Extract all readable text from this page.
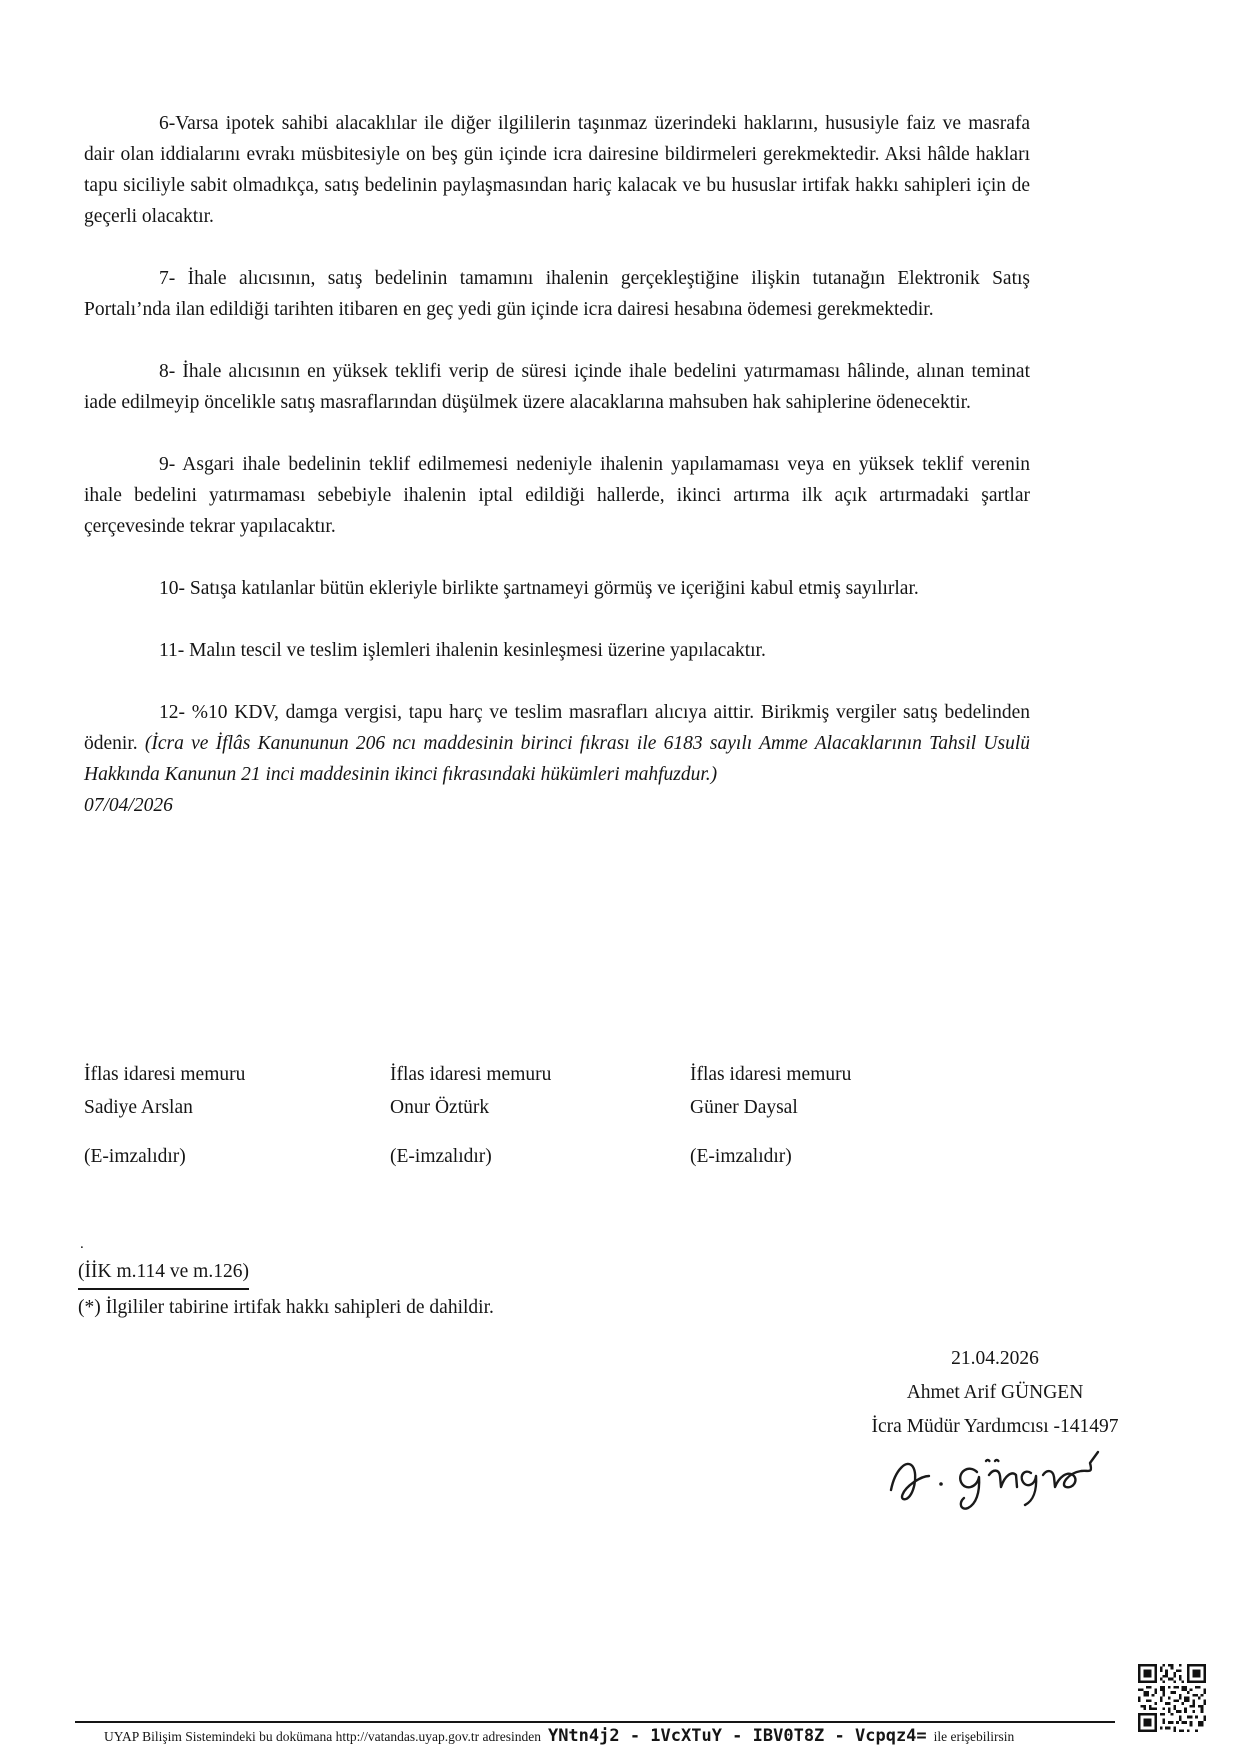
6-Varsa ipotek sahibi alacaklılar ile diğer ilgililerin taşınmaz üzerindeki haklarını, hususiyle faiz ve masrafa dair olan iddialarını evrakı müsbitesiyle on beş gün içinde icra dairesine bildirmeleri gerekmektedir. Aksi hâlde hakları tapu siciliyle sabit olmadıkça, satış bedelinin paylaşmasından hariç kalacak ve bu hususlar irtifak hakkı sahipleri için de geçerli olacaktır.

7- İhale alıcısının, satış bedelinin tamamını ihalenin gerçekleştiğine ilişkin tutanağın Elektronik Satış Portalı’nda ilan edildiği tarihten itibaren en geç yedi gün içinde icra dairesi hesabına ödemesi gerekmektedir.

8- İhale alıcısının en yüksek teklifi verip de süresi içinde ihale bedelini yatırmaması hâlinde, alınan teminat iade edilmeyip öncelikle satış masraflarından düşülmek üzere alacaklarına mahsuben hak sahiplerine ödenecektir.

9- Asgari ihale bedelinin teklif edilmemesi nedeniyle ihalenin yapılamaması veya en yüksek teklif verenin ihale bedelini yatırmaması sebebiyle ihalenin iptal edildiği hallerde, ikinci artırma ilk açık artırmadaki şartlar çerçevesinde tekrar yapılacaktır.

10- Satışa katılanlar bütün ekleriyle birlikte şartnameyi görmüş ve içeriğini kabul etmiş sayılırlar.

11- Malın tescil ve teslim işlemleri ihalenin kesinleşmesi üzerine yapılacaktır.

12- %10 KDV, damga vergisi, tapu harç ve teslim masrafları alıcıya aittir. Birikmiş vergiler satış bedelinden ödenir. (İcra ve İflâs Kanununun 206 ncı maddesinin birinci fıkrası ile 6183 sayılı Amme Alacaklarının Tahsil Usulü Hakkında Kanunun 21 inci maddesinin ikinci fıkrasındaki hükümleri mahfuzdur.)

07/04/2026
İflas idaresi memuru
Sadiye Arslan
(E-imzalıdır)
İflas idaresi memuru
Onur Öztürk
(E-imzalıdır)
İflas idaresi memuru
Güner Daysal
(E-imzalıdır)
.
(İİK m.114 ve m.126)
(*) İlgililer tabirine irtifak hakkı sahipleri de dahildir.
21.04.2026
Ahmet Arif GÜNGEN
İcra Müdür Yardımcısı -141497
UYAP Bilişim Sistemindeki bu dokümana http://vatandas.uyap.gov.tr adresinden YNtn4j2 - 1VcXTuY - IBV0T8Z - Vcpqz4= ile erişebilirsin
